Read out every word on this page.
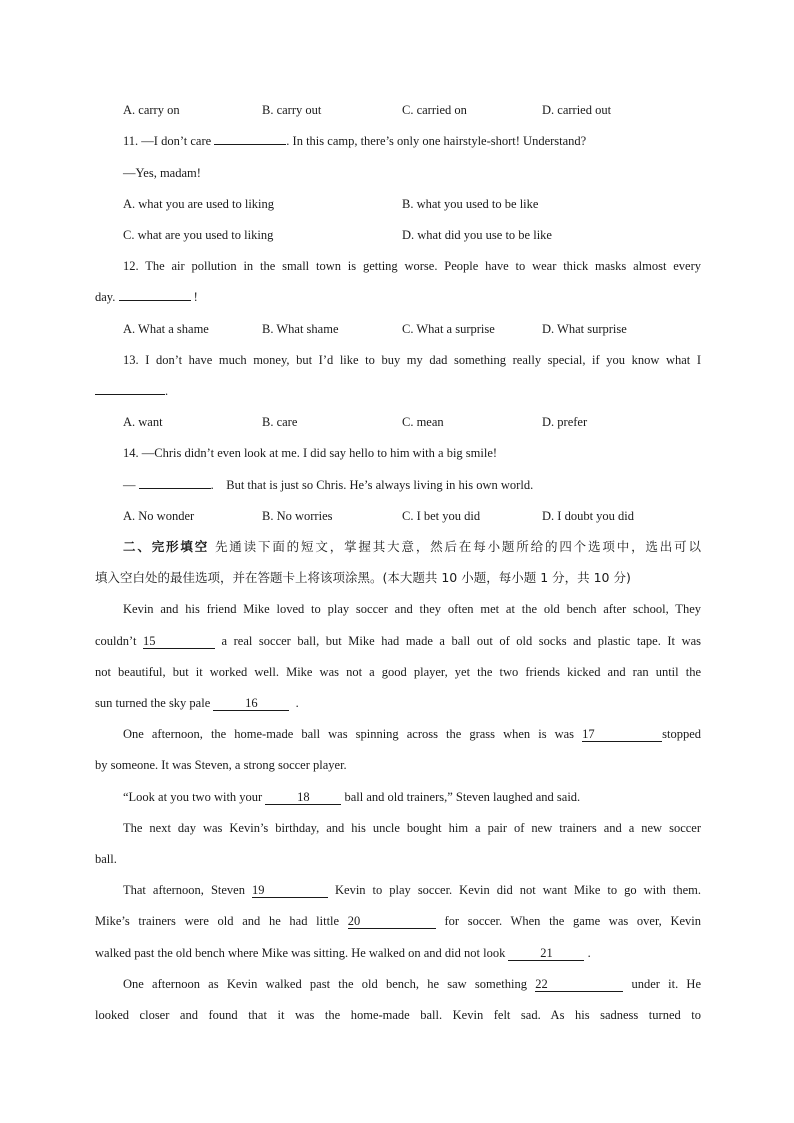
A. carry on	B. carry out	C. carried on	D. carried out
11. —I don’t care	. In this camp, there’s only one hairstyle-short! Understand?
—Yes, madam!
A. what you are used to liking	B. what you used to be like
C. what are you used to liking	D. what did you use to be like
12. The air pollution in the small town is getting worse. People have to wear thick masks almost every
day.	!
A. What a shame	B. What shame	C. What a surprise	D. What surprise
13. I don’t have much money, but I’d like to buy my dad something really special, if you know what I
.
A. want	B. care	C. mean	D. prefer
14. —Chris didn’t even look at me. I did say hello to him with a big smile!
—	.    But that is just so Chris. He’s always living in his own world.
A. No wonder	B. No worries	C. I bet you did	D. I doubt you did
二、完形填空 先通读下面的短文，掌握其大意，然后在每小题所给的四个选项中，选出可以
填入空白处的最佳选项，并在答题卡上将该项涂黑。(本大题共 10 小题，每小题 1 分，共 10 分)
Kevin and his friend Mike loved to play soccer and they often met at the old bench after school, They
couldn’t 15	a real soccer ball, but Mike had made a ball out of old socks and plastic tape. It was
not beautiful, but it worked well. Mike was not a good player, yet the two friends kicked and ran until the
sun turned the sky pale	16	.
One afternoon, the home-made ball was spinning across the grass when is was 17	stopped
by someone. It was Steven, a strong soccer player.
“Look at you two with your	18	ball and old trainers,” Steven laughed and said.
The next day was Kevin’s birthday, and his uncle bought him a pair of new trainers and a new soccer
ball.
That afternoon, Steven 19	Kevin to play soccer. Kevin did not want Mike to go with them.
Mike’s trainers were old and he had little 20	for soccer. When the game was over, Kevin
walked past the old bench where Mike was sitting. He walked on and did not look	21	.
One afternoon as Kevin walked past the old bench, he saw something 22	under it. He
looked closer and found that it was the home-made ball. Kevin felt sad. As his sadness turned to
